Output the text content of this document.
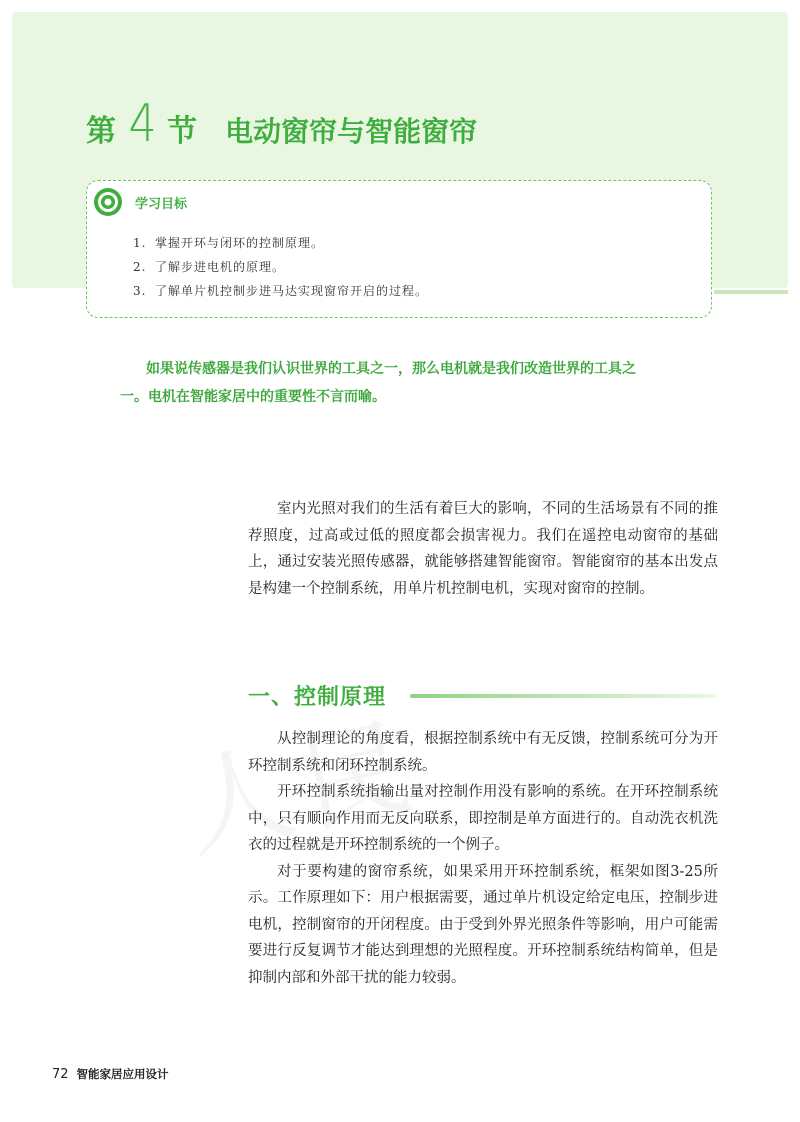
第 4 节 电动窗帘与智能窗帘
学习目标
1. 掌握开环与闭环的控制原理。
2. 了解步进电机的原理。
3. 了解单片机控制步进马达实现窗帘开启的过程。

如果说传感器是我们认识世界的工具之一，那么电机就是我们改造世界的工具之一。电机在智能家居中的重要性不言而喻。

室内光照对我们的生活有着巨大的影响，不同的生活场景有不同的推荐照度，过高或过低的照度都会损害视力。我们在遥控电动窗帘的基础上，通过安装光照传感器，就能够搭建智能窗帘。智能窗帘的基本出发点是构建一个控制系统，用单片机控制电机，实现对窗帘的控制。

一、控制原理

从控制理论的角度看，根据控制系统中有无反馈，控制系统可分为开环控制系统和闭环控制系统。

开环控制系统指输出量对控制作用没有影响的系统。在开环控制系统中，只有顺向作用而无反向联系，即控制是单方面进行的。自动洗衣机洗衣的过程就是开环控制系统的一个例子。

对于要构建的窗帘系统，如果采用开环控制系统，框架如图3-25所示。工作原理如下：用户根据需要，通过单片机设定给定电压，控制步进电机，控制窗帘的开闭程度。由于受到外界光照条件等影响，用户可能需要进行反复调节才能达到理想的光照程度。开环控制系统结构简单，但是抑制内部和外部干扰的能力较弱。

72 智能家居应用设计
